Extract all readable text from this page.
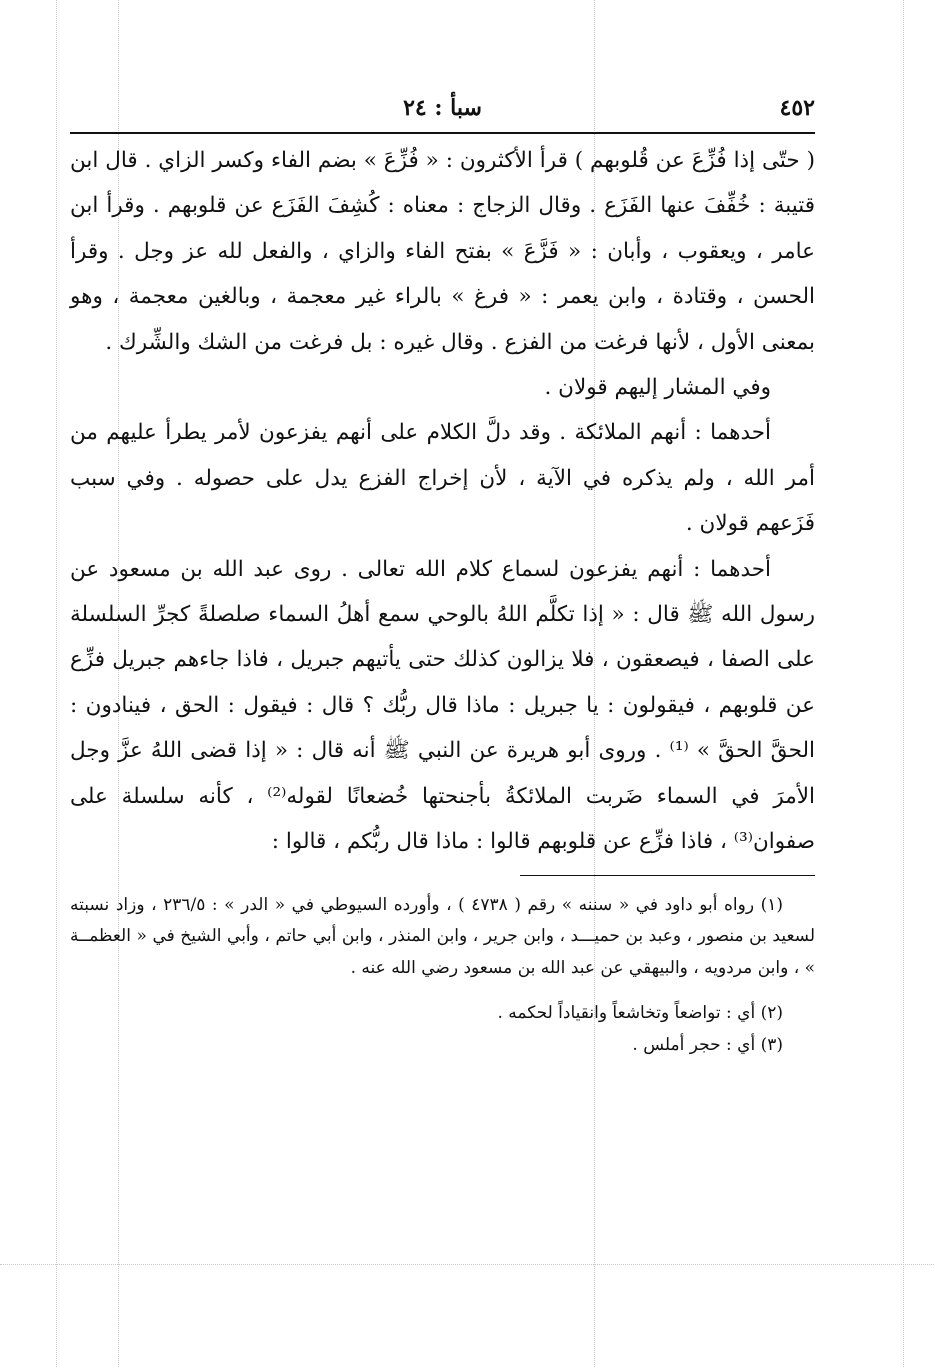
٤٥٢
سبأ : ٢٤

( حتّى إذا فُزِّعَ عن قُلوبهم ) قرأ الأكثرون : « فُزِّعَ » بضم الفاء وكسر الزاي . قال ابن قتيبة : خُفِّفَ عنها الفَزَع . وقال الزجاج : معناه : كُشِفَ الفَزَع عن قلوبهم . وقرأ ابن عامر ، ويعقوب ، وأبان : « فَزَّعَ » بفتح الفاء والزاي ، والفعل لله عز وجل . وقرأ الحسن ، وقتادة ، وابن يعمر : « فرغ » بالراء غير معجمة ، وبالغين معجمة ، وهو بمعنى الأول ، لأنها فرغت من الفزع . وقال غيره : بل فرغت من الشك والشِّرك .

وفي المشار إليهم قولان .

أحدهما : أنهم الملائكة . وقد دلَّ الكلام على أنهم يفزعون لأمر يطرأ عليهم من أمر الله ، ولم يذكره في الآية ، لأن إخراج الفزع يدل على حصوله . وفي سبب فَزَعهم قولان .

أحدهما : أنهم يفزعون لسماع كلام الله تعالى . روى عبد الله بن مسعود عن رسول الله ﷺ قال : « إذا تكلَّم اللهُ بالوحي سمع أهلُ السماء صلصلةً كجرِّ السلسلة على الصفا ، فيصعقون ، فلا يزالون كذلك حتى يأتيهم جبريل ، فاذا جاءهم جبريل فزِّع عن قلوبهم ، فيقولون : يا جبريل : ماذا قال ربُّك ؟ قال : فيقول : الحق ، فينادون : الحقَّ الحقَّ » ⁽¹⁾ . وروى أبو هريرة عن النبي ﷺ أنه قال : « إذا قضى اللهُ عزَّ وجل الأمرَ في السماء ضَربت الملائكةُ بأجنحتها خُضعانًا لقوله⁽²⁾ ، كأنه سلسلة على صفوان⁽³⁾ ، فاذا فزِّع عن قلوبهم قالوا : ماذا قال ربُّكم ، قالوا :

(١) رواه أبو داود في « سننه » رقم ( ٤٧٣٨ ) ، وأورده السيوطي في « الدر » : ٢٣٦/٥ ، وزاد نسبته لسعيد بن منصور ، وعبد بن حميـــد ، وابن جرير ، وابن المنذر ، وابن أبي حاتم ، وأبي الشيخ في « العظمــة » ، وابن مردويه ، والبيهقي عن عبد الله بن مسعود رضي الله عنه .

(٢) أي : تواضعاً وتخاشعاً وانقياداً لحكمه .

(٣) أي : حجر أملس .
